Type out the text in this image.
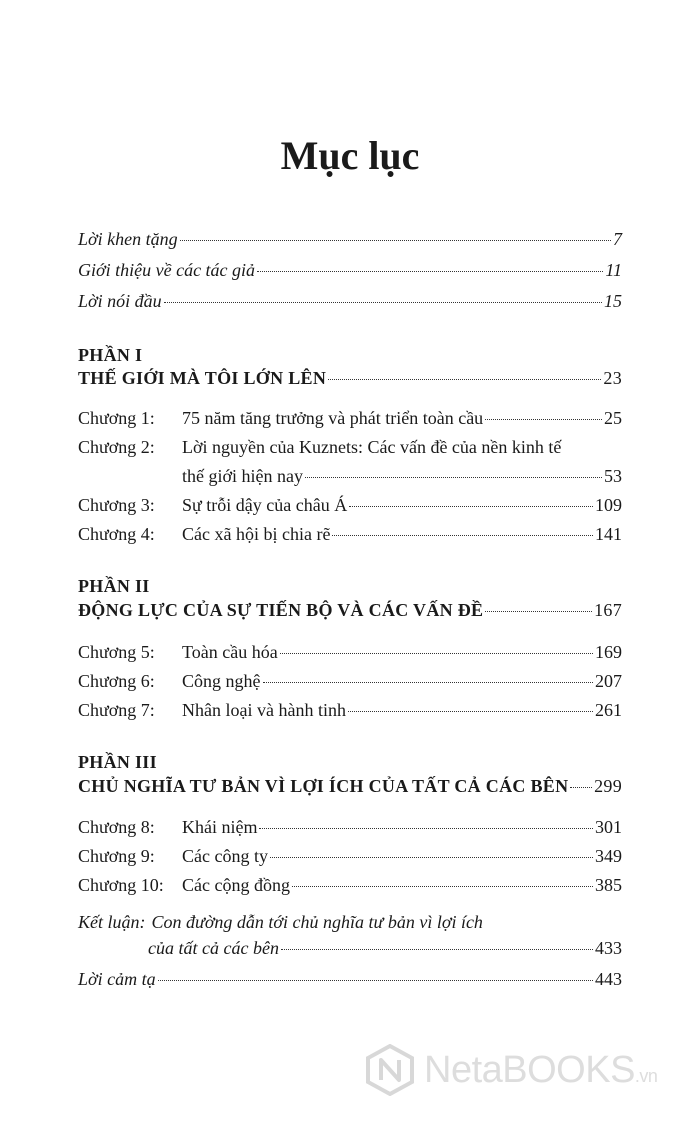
Mục lục
Lời khen tặng	7
Giới thiệu về các tác giả	11
Lời nói đầu	15
PHẦN I
THẾ GIỚI MÀ TÔI LỚN LÊN	23
Chương 1:	75 năm tăng trưởng và phát triển toàn cầu	25
Chương 2:	Lời nguyền của Kuznets: Các vấn đề của nền kinh tế
thế giới hiện nay	53
Chương 3:	Sự trỗi dậy của châu Á	109
Chương 4:	Các xã hội bị chia rẽ	141
PHẦN II
ĐỘNG LỰC CỦA SỰ TIẾN BỘ VÀ CÁC VẤN ĐỀ	167
Chương 5:	Toàn cầu hóa	169
Chương 6:	Công nghệ	207
Chương 7:	Nhân loại và hành tinh	261
PHẦN III
CHỦ NGHĨA TƯ BẢN VÌ LỢI ÍCH CỦA TẤT CẢ CÁC BÊN 299
Chương 8:	Khái niệm	301
Chương 9:	Các công ty	349
Chương 10:	Các cộng đồng	385
Kết luận: Con đường dẫn tới chủ nghĩa tư bản vì lợi ích
của tất cả các bên	433
Lời cảm tạ	443
NetaBOOKS.vn
